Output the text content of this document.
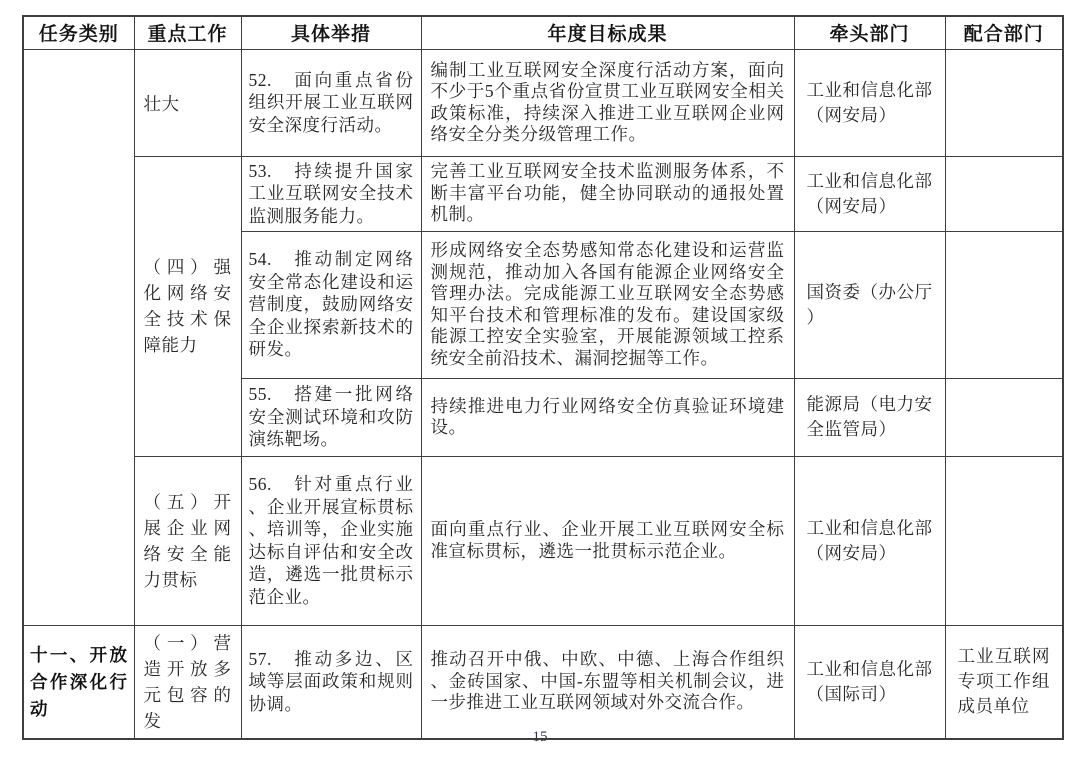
任务类别	重点工作	具体举措	年度目标成果	牵头部门	配合部门
	壮大	52.　面向重点省份组织开展工业互联网安全深度行活动。	编制工业互联网安全深度行活动方案，面向不少于5个重点省份宣贯工业互联网安全相关政策标准，持续深入推进工业互联网企业网络安全分类分级管理工作。	工业和信息化部（网安局）	
	（四）强化网络安全技术保障能力	53.　持续提升国家工业互联网安全技术监测服务能力。	完善工业互联网安全技术监测服务体系，不断丰富平台功能，健全协同联动的通报处置机制。	工业和信息化部（网安局）	
		54.　推动制定网络安全常态化建设和运营制度，鼓励网络安全企业探索新技术的研发。	形成网络安全态势感知常态化建设和运营监测规范，推动加入各国有能源企业网络安全管理办法。完成能源工业互联网安全态势感知平台技术和管理标准的发布。建设国家级能源工控安全实验室，开展能源领域工控系统安全前沿技术、漏洞挖掘等工作。	国资委（办公厅）	
		55.　搭建一批网络安全测试环境和攻防演练靶场。	持续推进电力行业网络安全仿真验证环境建设。	能源局（电力安全监管局）	
	（五）开展企业网络安全能力贯标	56.　针对重点行业、企业开展宣标贯标、培训等，企业实施达标自评估和安全改造，遴选一批贯标示范企业。	面向重点行业、企业开展工业互联网安全标准宣标贯标，遴选一批贯标示范企业。	工业和信息化部（网安局）	
十一、开放合作深化行动	（一）营造开放多元包容的发	57.　推动多边、区域等层面政策和规则协调。	推动召开中俄、中欧、中德、上海合作组织、金砖国家、中国-东盟等相关机制会议，进一步推进工业互联网领域对外交流合作。	工业和信息化部（国际司）	工业互联网专项工作组成员单位
15
